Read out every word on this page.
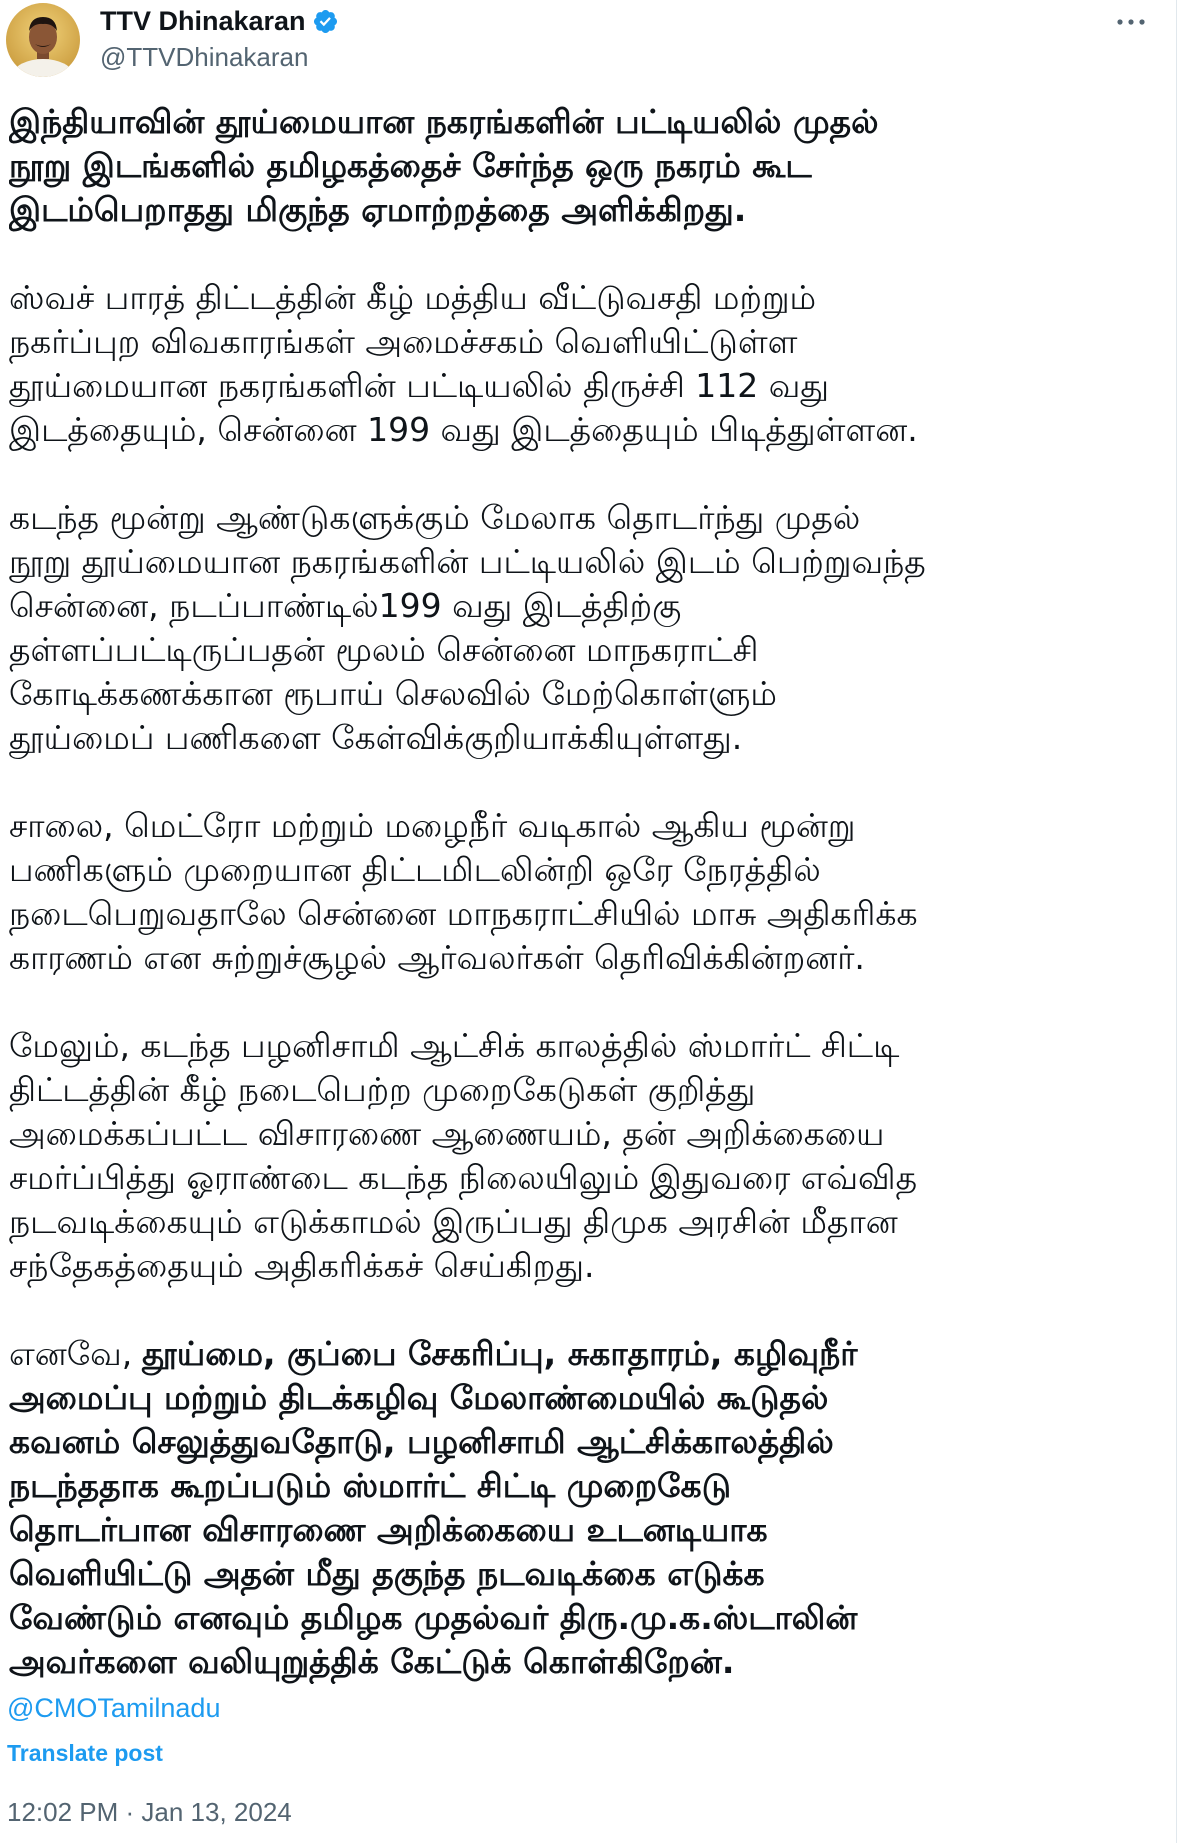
TTV Dhinakaran
@TTVDhinakaran
இந்தியாவின் தூய்மையான நகரங்களின் பட்டியலில் முதல்
நூறு இடங்களில் தமிழகத்தைச் சேர்ந்த ஒரு நகரம் கூட
இடம்பெறாதது மிகுந்த ஏமாற்றத்தை அளிக்கிறது.
ஸ்வச் பாரத் திட்டத்தின் கீழ் மத்திய வீட்டுவசதி மற்றும்
நகர்ப்புற விவகாரங்கள் அமைச்சகம் வெளியிட்டுள்ள
தூய்மையான நகரங்களின் பட்டியலில் திருச்சி 112 வது
இடத்தையும், சென்னை 199 வது இடத்தையும் பிடித்துள்ளன.
கடந்த மூன்று ஆண்டுகளுக்கும் மேலாக தொடர்ந்து முதல்
நூறு தூய்மையான நகரங்களின் பட்டியலில் இடம் பெற்றுவந்த
சென்னை, நடப்பாண்டில்199 வது இடத்திற்கு
தள்ளப்பட்டிருப்பதன் மூலம் சென்னை மாநகராட்சி
கோடிக்கணக்கான ரூபாய் செலவில் மேற்கொள்ளும்
தூய்மைப் பணிகளை கேள்விக்குறியாக்கியுள்ளது.
சாலை, மெட்ரோ மற்றும் மழைநீர் வடிகால் ஆகிய மூன்று
பணிகளும் முறையான திட்டமிடலின்றி ஒரே நேரத்தில்
நடைபெறுவதாலே சென்னை மாநகராட்சியில் மாசு அதிகரிக்க
காரணம் என சுற்றுச்சூழல் ஆர்வலர்கள் தெரிவிக்கின்றனர்.
மேலும், கடந்த பழனிசாமி ஆட்சிக் காலத்தில் ஸ்மார்ட் சிட்டி
திட்டத்தின் கீழ் நடைபெற்ற முறைகேடுகள் குறித்து
அமைக்கப்பட்ட விசாரணை ஆணையம், தன் அறிக்கையை
சமர்ப்பித்து ஓராண்டை கடந்த நிலையிலும் இதுவரை எவ்வித
நடவடிக்கையும் எடுக்காமல் இருப்பது திமுக அரசின் மீதான
சந்தேகத்தையும் அதிகரிக்கச் செய்கிறது.
எனவே, தூய்மை, குப்பை சேகரிப்பு, சுகாதாரம், கழிவுநீர்
அமைப்பு மற்றும் திடக்கழிவு மேலாண்மையில் கூடுதல்
கவனம் செலுத்துவதோடு, பழனிசாமி ஆட்சிக்காலத்தில்
நடந்ததாக கூறப்படும் ஸ்மார்ட் சிட்டி முறைகேடு
தொடர்பான விசாரணை அறிக்கையை உடனடியாக
வெளியிட்டு அதன் மீது தகுந்த நடவடிக்கை எடுக்க
வேண்டும் எனவும் தமிழக முதல்வர் திரு.மு.க.ஸ்டாலின்
அவர்களை வலியுறுத்திக் கேட்டுக் கொள்கிறேன்.
@CMOTamilnadu
Translate post
12:02 PM · Jan 13, 2024
